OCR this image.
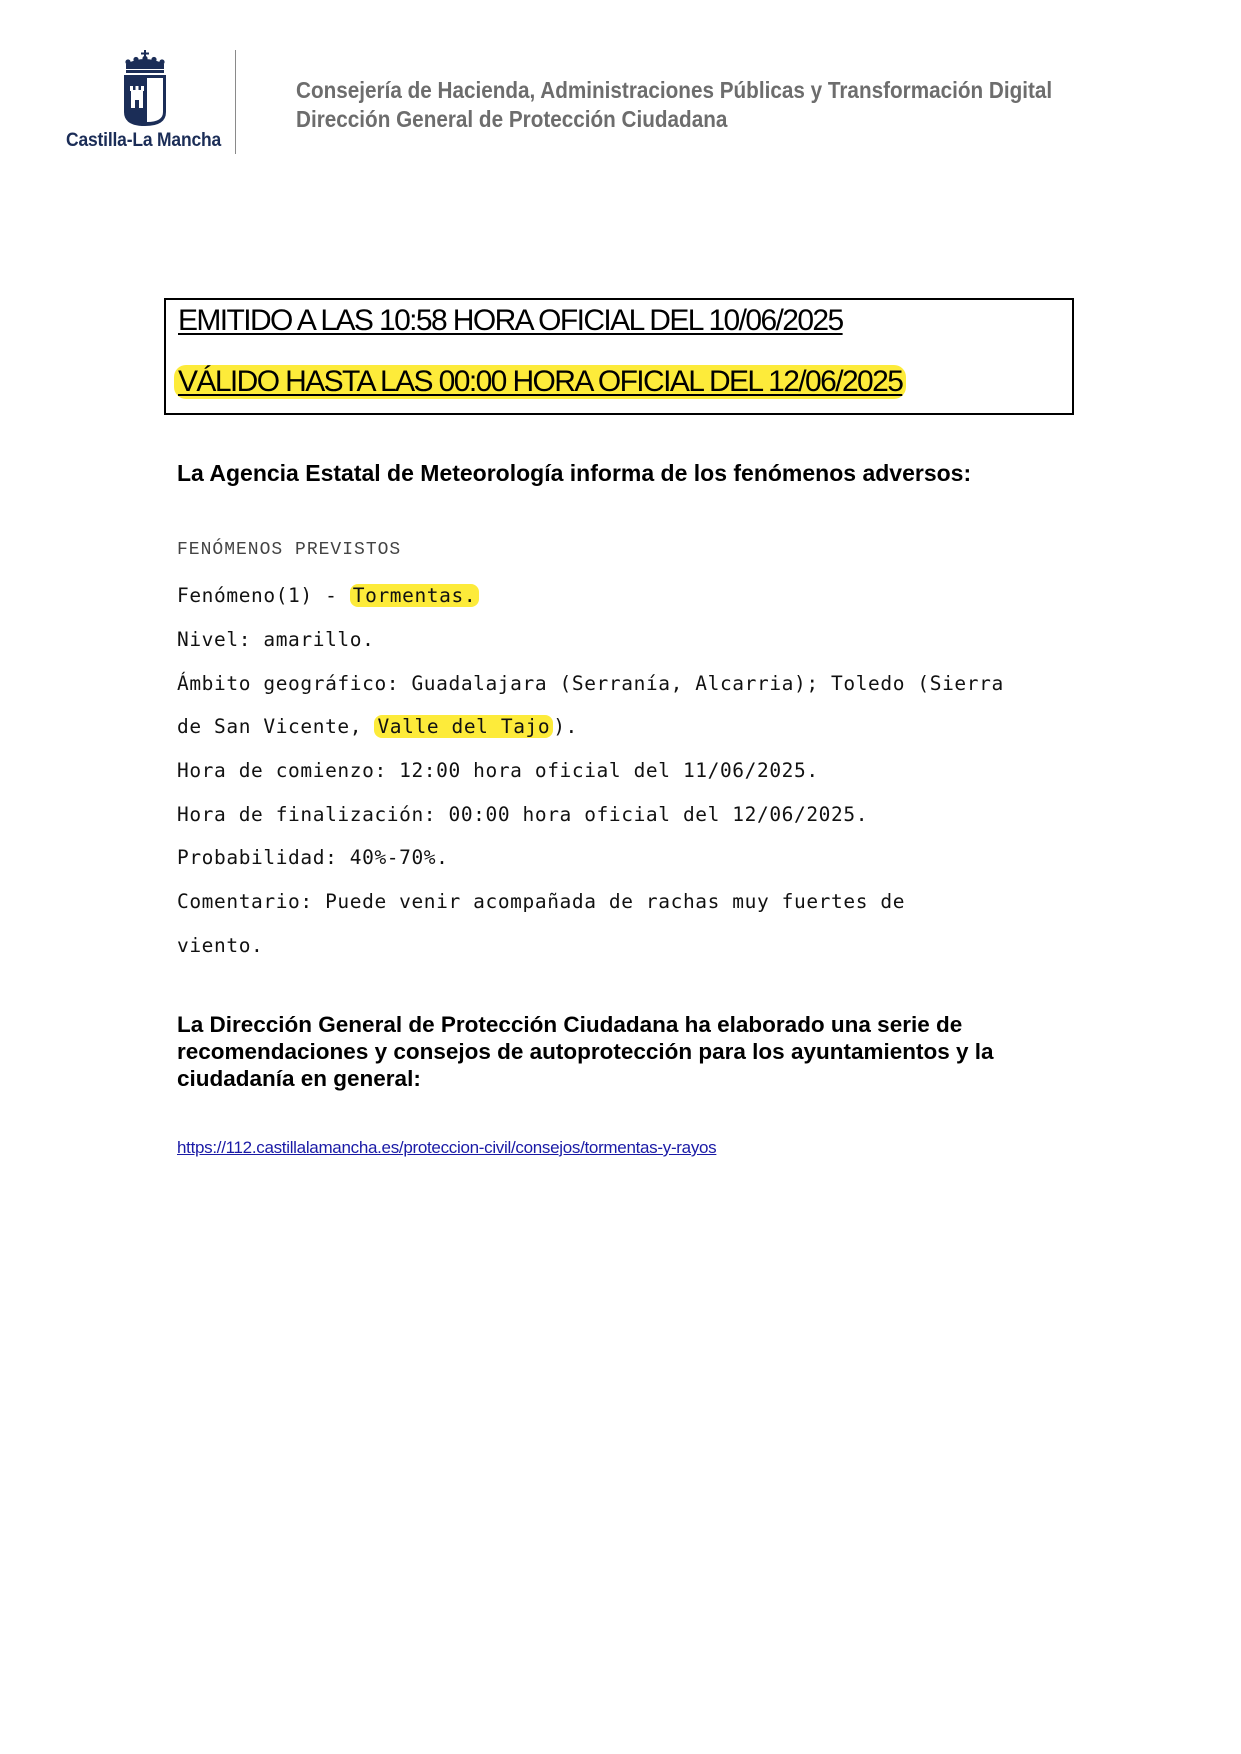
Castilla-La Mancha
Consejería de Hacienda, Administraciones Públicas y Transformación Digital
Dirección General de Protección Ciudadana
EMITIDO A LAS 10:58 HORA OFICIAL DEL 10/06/2025
VÁLIDO HASTA LAS 00:00 HORA OFICIAL DEL 12/06/2025
La Agencia Estatal de Meteorología informa de los fenómenos adversos:
FENÓMENOS PREVISTOS
Fenómeno(1) - Tormentas.
Nivel: amarillo.
Ámbito geográfico: Guadalajara (Serranía, Alcarria); Toledo (Sierra
de San Vicente, Valle del Tajo ).
Hora de comienzo: 12:00 hora oficial del 11/06/2025.
Hora de finalización: 00:00 hora oficial del 12/06/2025.
Probabilidad: 40%-70%.
Comentario: Puede venir acompañada de rachas muy fuertes de
viento.
La Dirección General de Protección Ciudadana ha elaborado una serie de recomendaciones y consejos de autoprotección para los ayuntamientos y la ciudadanía en general:
https://112.castillalamancha.es/proteccion-civil/consejos/tormentas-y-rayos
